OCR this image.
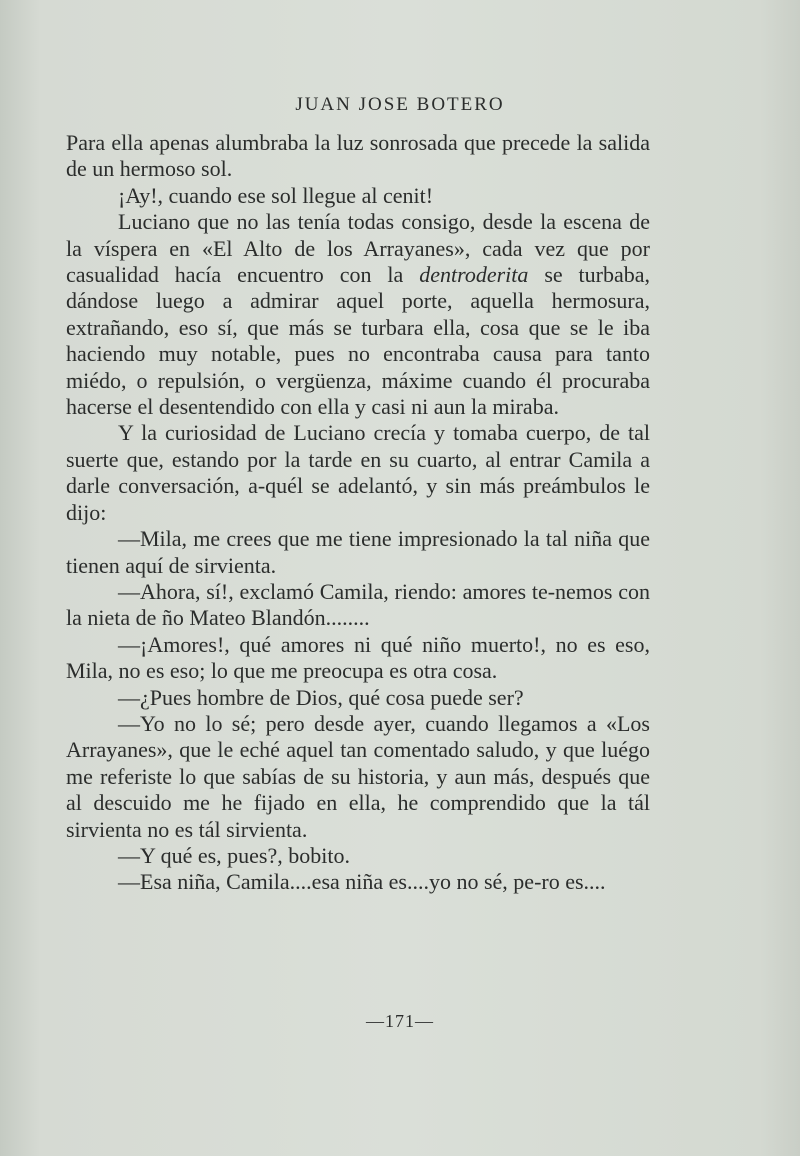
JUAN JOSE BOTERO

Para ella apenas alumbraba la luz sonrosada que precede la salida de un hermoso sol.

¡Ay!, cuando ese sol llegue al cenit!

Luciano que no las tenía todas consigo, desde la escena de la víspera en «El Alto de los Arrayanes», cada vez que por casualidad hacía encuentro con la dentroderita se turbaba, dándose luego a admirar aquel porte, aquella hermosura, extrañando, eso sí, que más se turbara ella, cosa que se le iba haciendo muy notable, pues no encontraba causa para tanto miédo, o repulsión, o vergüenza, máxime cuando él procuraba hacerse el desentendido con ella y casi ni aun la miraba.

Y la curiosidad de Luciano crecía y tomaba cuerpo, de tal suerte que, estando por la tarde en su cuarto, al entrar Camila a darle conversación, a-quél se adelantó, y sin más preámbulos le dijo:

—Mila, me crees que me tiene impresionado la tal niña que tienen aquí de sirvienta.

—Ahora, sí!, exclamó Camila, riendo: amores te-nemos con la nieta de ño Mateo Blandón........

—¡Amores!, qué amores ni qué niño muerto!, no es eso, Mila, no es eso; lo que me preocupa es otra cosa.

—¿Pues hombre de Dios, qué cosa puede ser?

—Yo no lo sé; pero desde ayer, cuando llegamos a «Los Arrayanes», que le eché aquel tan comentado saludo, y que luégo me referiste lo que sabías de su historia, y aun más, después que al descuido me he fijado en ella, he comprendido que la tál sirvienta no es tál sirvienta.

—Y qué es, pues?, bobito.

—Esa niña, Camila....esa niña es....yo no sé, pe-ro es....

—171—
